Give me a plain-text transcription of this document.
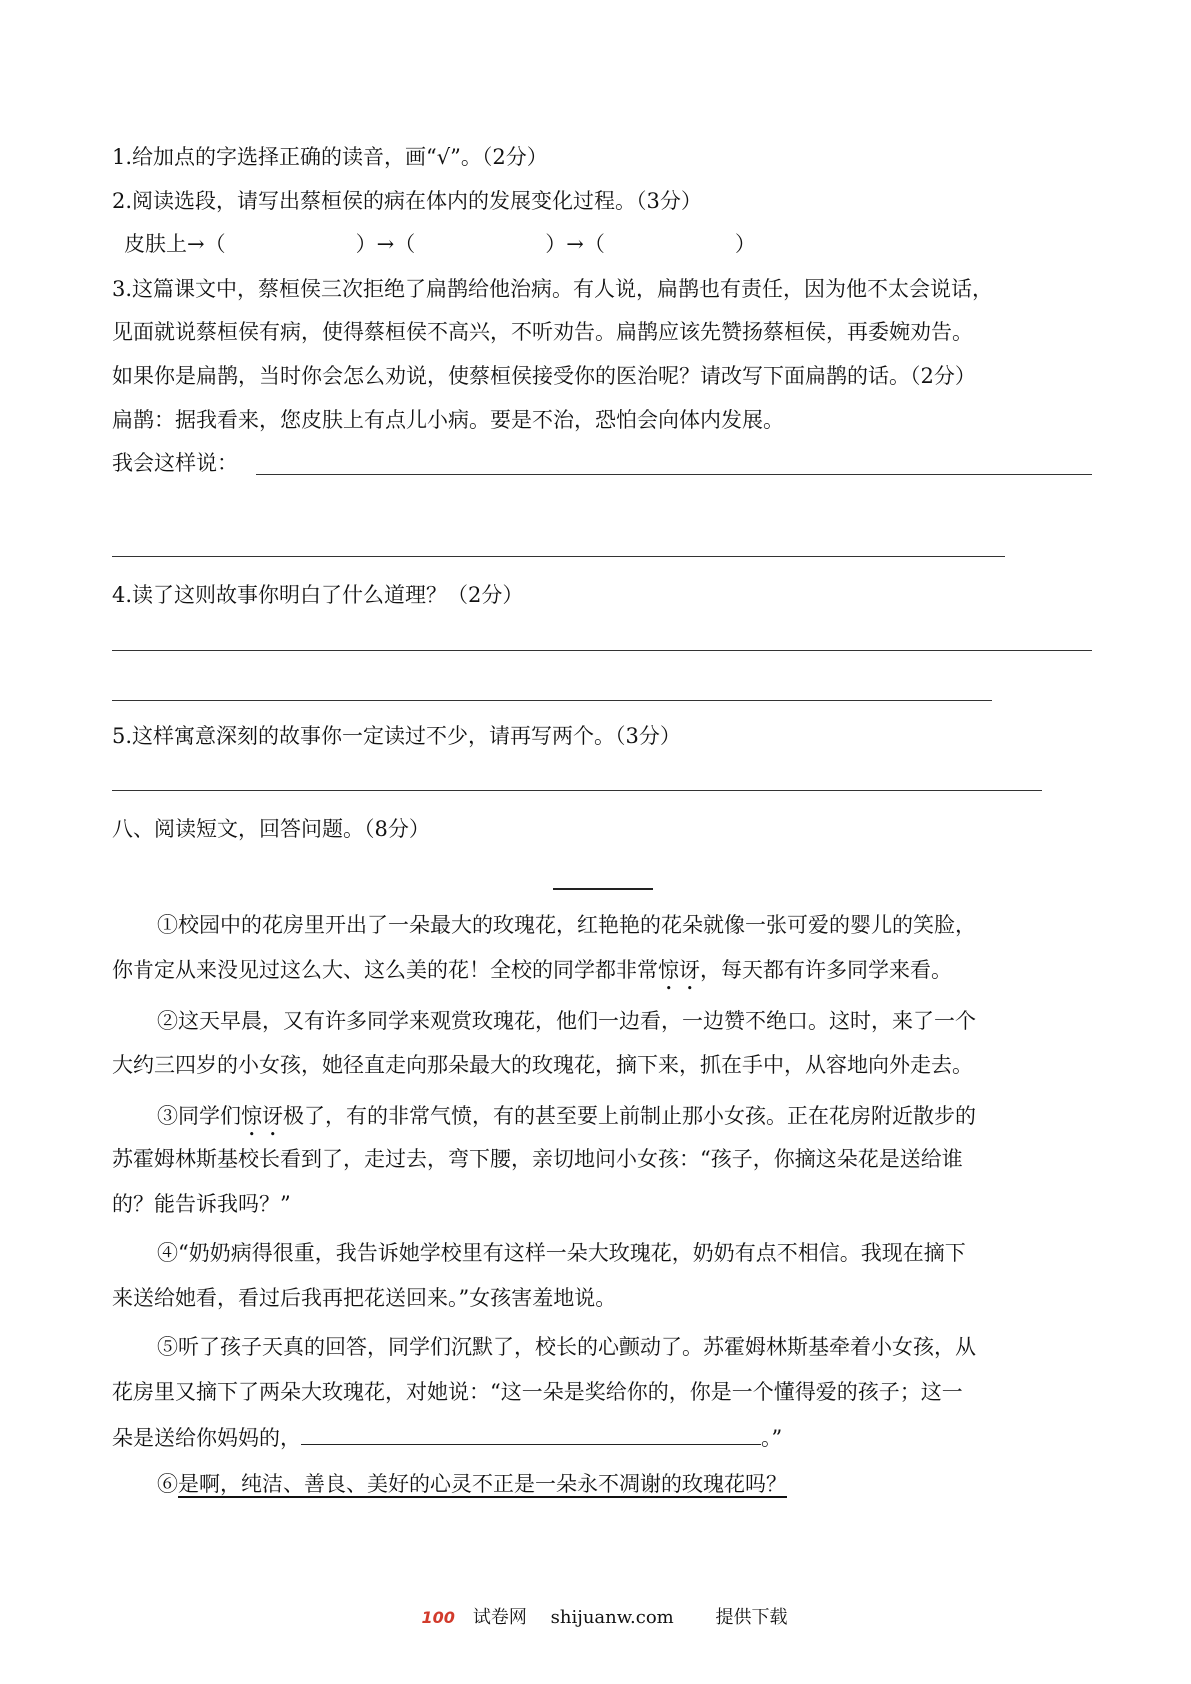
1.给加点的字选择正确的读音，画“√”。（2分）
2.阅读选段，请写出蔡桓侯的病在体内的发展变化过程。（3分）
皮肤上→（	）→（	）→（	）
3.这篇课文中，蔡桓侯三次拒绝了扁鹊给他治病。有人说，扁鹊也有责任，因为他不太会说话，
见面就说蔡桓侯有病，使得蔡桓侯不高兴，不听劝告。扁鹊应该先赞扬蔡桓侯，再委婉劝告。
如果你是扁鹊，当时你会怎么劝说，使蔡桓侯接受你的医治呢？请改写下面扁鹊的话。（2分）
扁鹊：据我看来，您皮肤上有点儿小病。要是不治，恐怕会向体内发展。
我会这样说：
4.读了这则故事你明白了什么道理？（2分）
5.这样寓意深刻的故事你一定读过不少，请再写两个。（3分）
八、阅读短文，回答问题。（8分）
①校园中的花房里开出了一朵最大的玫瑰花，红艳艳的花朵就像一张可爱的婴儿的笑脸，
你肯定从来没见过这么大、这么美的花！全校的同学都非常惊讶，每天都有许多同学来看。
②这天早晨，又有许多同学来观赏玫瑰花，他们一边看，一边赞不绝口。这时，来了一个
大约三四岁的小女孩，她径直走向那朵最大的玫瑰花，摘下来，抓在手中，从容地向外走去。
③同学们惊讶极了，有的非常气愤，有的甚至要上前制止那小女孩。正在花房附近散步的
苏霍姆林斯基校长看到了，走过去，弯下腰，亲切地问小女孩：“孩子，你摘这朵花是送给谁
的？能告诉我吗？”
④“奶奶病得很重，我告诉她学校里有这样一朵大玫瑰花，奶奶有点不相信。我现在摘下
来送给她看，看过后我再把花送回来。”女孩害羞地说。
⑤听了孩子天真的回答，同学们沉默了，校长的心颤动了。苏霍姆林斯基牵着小女孩，从
花房里又摘下了两朵大玫瑰花，对她说：“这一朵是奖给你的，你是一个懂得爱的孩子；这一
朵是送给你妈妈的，	。”
⑥是啊，纯洁、善良、美好的心灵不正是一朵永不凋谢的玫瑰花吗？
100 试卷网 shijuanw.com 提供下载
